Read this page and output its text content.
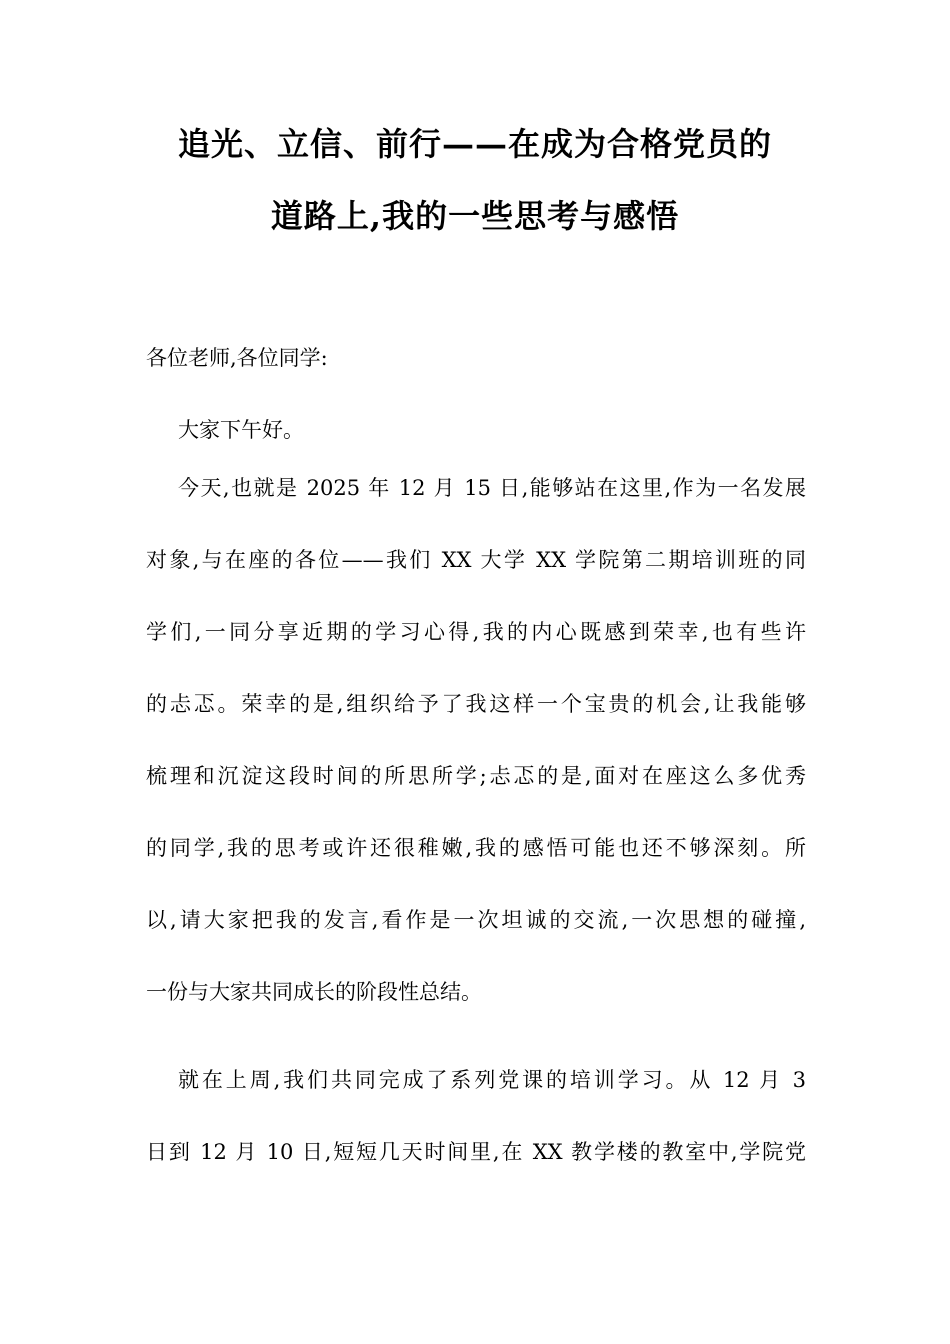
追光、立信、前行——在成为合格党员的
道路上,我的一些思考与感悟
各位老师,各位同学:
大家下午好。
今天,也就是 2025 年 12 月 15 日,能够站在这里,作为一名发展
对象,与在座的各位——我们 XX 大学 XX 学院第二期培训班的同
学们,一同分享近期的学习心得,我的内心既感到荣幸,也有些许
的忐忑。荣幸的是,组织给予了我这样一个宝贵的机会,让我能够
梳理和沉淀这段时间的所思所学;忐忑的是,面对在座这么多优秀
的同学,我的思考或许还很稚嫩,我的感悟可能也还不够深刻。所
以,请大家把我的发言,看作是一次坦诚的交流,一次思想的碰撞,
一份与大家共同成长的阶段性总结。
就在上周,我们共同完成了系列党课的培训学习。从 12 月 3
日到 12 月 10 日,短短几天时间里,在 XX 教学楼的教室中,学院党
